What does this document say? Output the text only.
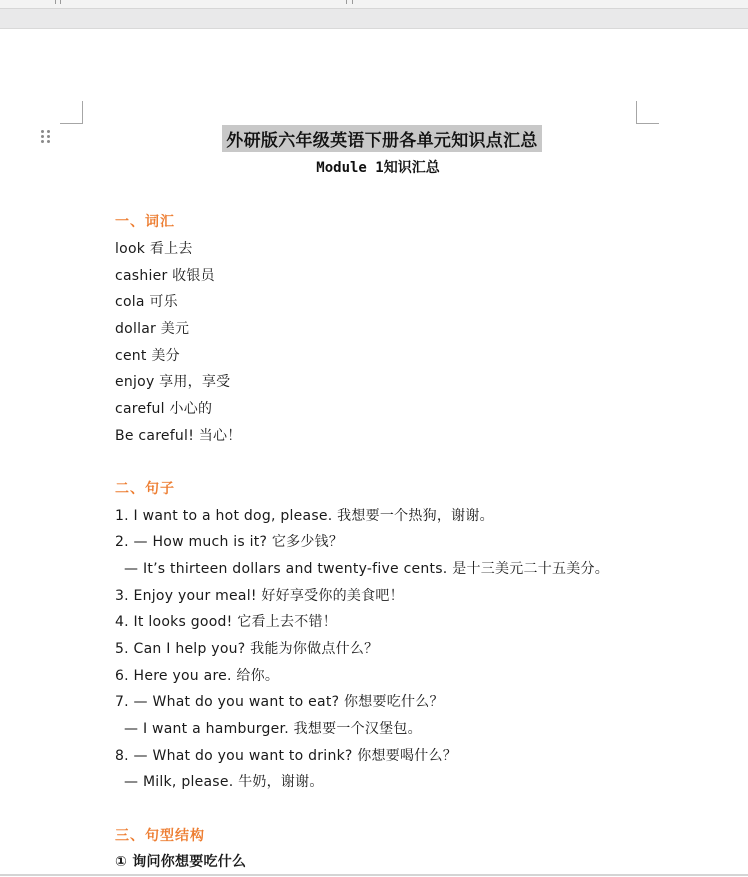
外研版六年级英语下册各单元知识点汇总
Module 1知识汇总
一、词汇
look 看上去
cashier 收银员
cola 可乐
dollar 美元
cent 美分
enjoy 享用，享受
careful 小心的
Be careful! 当心！
二、句子
1. I want to a hot dog, please. 我想要一个热狗，谢谢。
2. — How much is it? 它多少钱？
— It’s thirteen dollars and twenty-five cents. 是十三美元二十五美分。
3. Enjoy your meal! 好好享受你的美食吧！
4. It looks good! 它看上去不错！
5. Can I help you? 我能为你做点什么？
6. Here you are. 给你。
7. — What do you want to eat? 你想要吃什么？
— I want a hamburger. 我想要一个汉堡包。
8. — What do you want to drink? 你想要喝什么？
— Milk, please. 牛奶，谢谢。
三、句型结构
① 询问你想要吃什么
